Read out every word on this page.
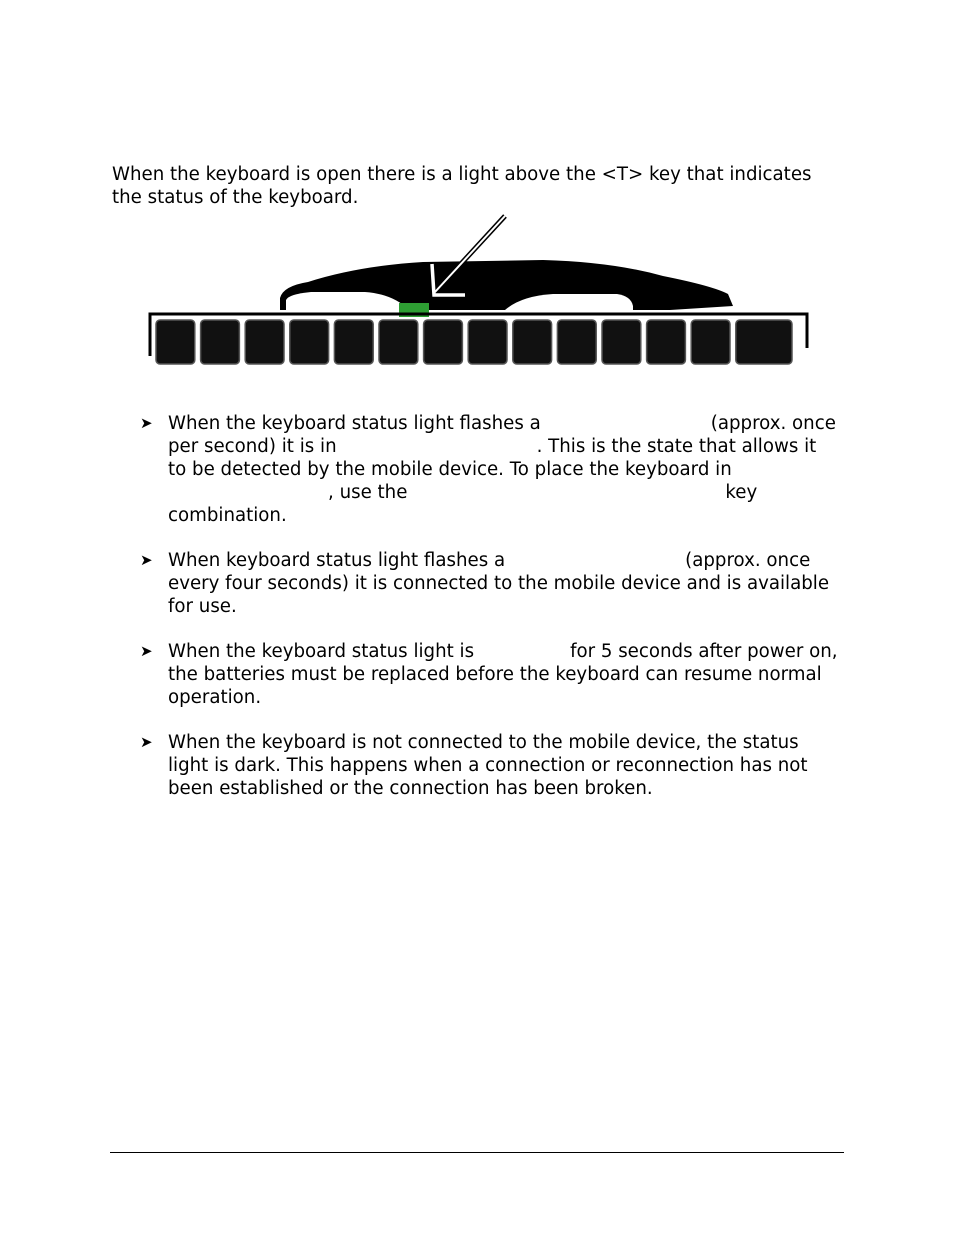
When the keyboard is open there is a light above the <T> key that indicates the status of the keyboard.

➤ When the keyboard status light flashes a	(approx. once per second) it is in	. This is the state that allows it to be detected by the mobile device. To place the keyboard in, use the	key combination.
➤ When keyboard status light flashes a	(approx. once every four seconds) it is connected to the mobile device and is available for use.
➤ When the keyboard status light is	for 5 seconds after power on, the batteries must be replaced before the keyboard can resume normal operation.
➤ When the keyboard is not connected to the mobile device, the status light is dark. This happens when a connection or reconnection has not been established or the connection has been broken.
